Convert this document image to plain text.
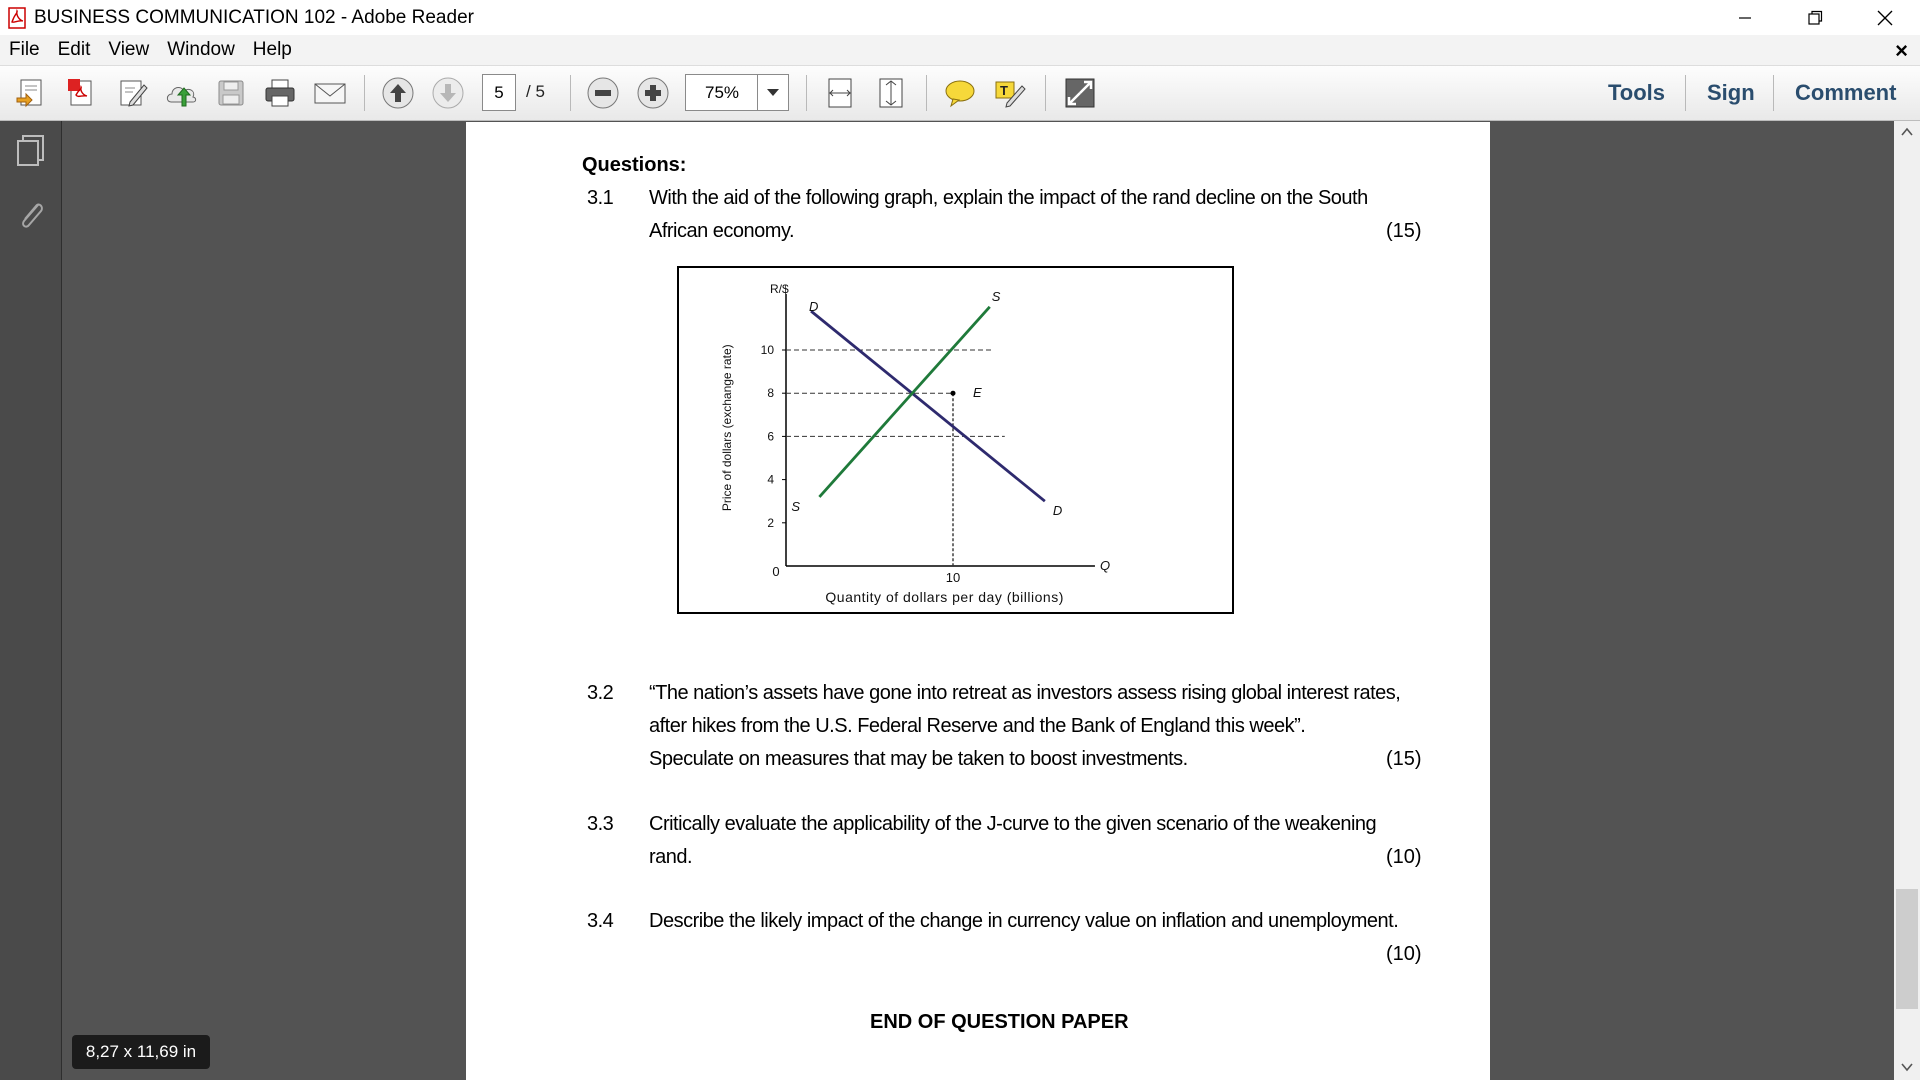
BUSINESS COMMUNICATION 102 - Adobe Reader
File Edit View Window Help	×
5	/ 5	75%	T	Tools Sign Comment
8,27 x 11,69 in
Questions:
3.1 With the aid of the following graph, explain the impact of the rand decline on the South
African economy.	(15)
2
4
6
8
10
10
D
D
S
S
E
R/$
0	Q
Quantity of dollars per day (billions)
Price of dollars (exchange rate)
3.2 “The nation’s assets have gone into retreat as investors assess rising global interest rates,
after hikes from the U.S. Federal Reserve and the Bank of England this week”.
Speculate on measures that may be taken to boost investments.	(15)
3.3 Critically evaluate the applicability of the J-curve to the given scenario of the weakening
rand.	(10)
3.4 Describe the likely impact of the change in currency value on inflation and unemployment.
(10)
END OF QUESTION PAPER
